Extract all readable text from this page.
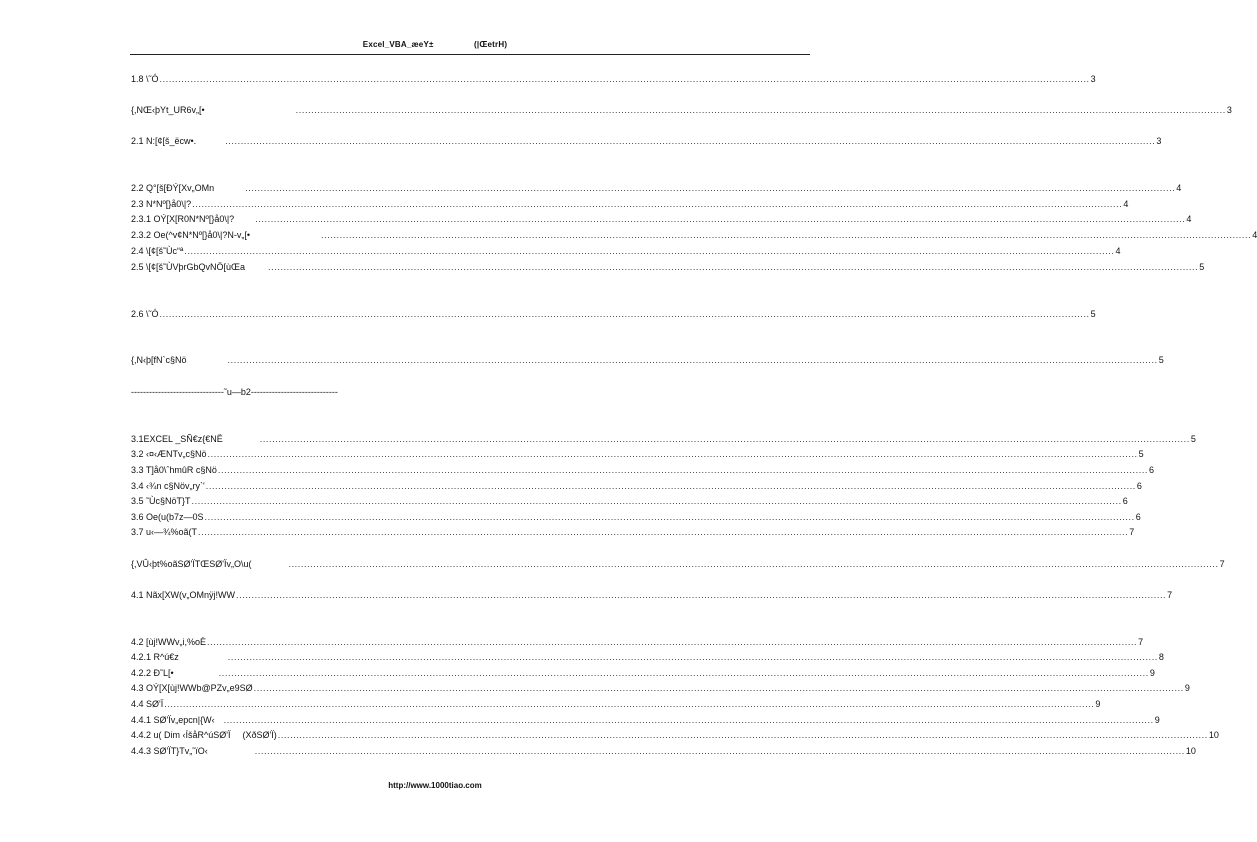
Excel_VBA_æeY±	(|ŒetrH)
1.8 \˜Ó ............................................................................................................................................................................................................................................................................................................ 3
{,NŒ‹þYt_UR6v„[•	............................................................................................................................................................................................................................................................................................................ 3
2.1 N:[¢[š_ëcw•.	............................................................................................................................................................................................................................................................................................................ 3
2.2 Q°[š[ÐÝ[Xv„OMn	............................................................................................................................................................................................................................................................................................................ 4
2.3 N*Nº[}å0\|? ............................................................................................................................................................................................................................................................................................................ 4
2.3.1 OÝ[X[R0N*Nº[}å0\|? ............................................................................................................................................................................................................................................................................................................ 4
2.3.2 Oe(^v¢N*Nº[}å0\|?N-v„[•	............................................................................................................................................................................................................................................................................................................ 4
2.4 \[¢[š˜Ùc“ª ............................................................................................................................................................................................................................................................................................................ 4
2.5 \[¢[š˜ÙVþrGbQvNÖ[ùŒa	............................................................................................................................................................................................................................................................................................................ 5
2.6 \˜Ó ............................................................................................................................................................................................................................................................................................................ 5
{,N‹þ[fN`c§Nö	............................................................................................................................................................................................................................................................................................................ 5
3.1EXCEL _SÑ€z{€NË	............................................................................................................................................................................................................................................................................................................ 5
3.2 ‹¤‹ÆNTv„c§Nö ............................................................................................................................................................................................................................................................................................................ 5
3.3 T]å0\ˆhmûR c§Nö ............................................................................................................................................................................................................................................................................................................ 6
3.4 ‹¾n c§Növ„ry`' ............................................................................................................................................................................................................................................................................................................ 6
3.5 ˜Ùc§NöT}T ............................................................................................................................................................................................................................................................................................................ 6
3.6 Oe(u(b7z—0S ............................................................................................................................................................................................................................................................................................................ 6
3.7 u‹—¾%oã(T ............................................................................................................................................................................................................................................................................................................ 7
{,VÛ‹þt%oãSØ'ÏTŒSØ'Ïv„O\u(	............................................................................................................................................................................................................................................................................................................ 7
4.1 Nãx[XW(v„OMnÿj!WW ............................................................................................................................................................................................................................................................................................................ 7
4.2 [ùj!WWv„i,%oÈ ............................................................................................................................................................................................................................................................................................................ 7
4.2.1 R^ú€z	............................................................................................................................................................................................................................................................................................................ 8
4.2.2 Ð˜L[•	............................................................................................................................................................................................................................................................................................................ 9
4.3 OÝ[X[ùj!WWb@PZv„e9SØ ............................................................................................................................................................................................................................................................................................................ 9
4.4 SØ'Ï ............................................................................................................................................................................................................................................................................................................ 9
4.4.1 SØ'Ïv„epcn|{W‹ ............................................................................................................................................................................................................................................................................................................ 9
4.4.2 u( Dim ‹ÍšåR^úSØ'Ï (XðSØ'Ï) ............................................................................................................................................................................................................................................................................................................ 10
4.4.3 SØ'ÏT}Tv„˜ïO‹	............................................................................................................................................................................................................................................................................................................ 10
-------------------------------˜u—b2-----------------------------
http://www.1000tiao.com
